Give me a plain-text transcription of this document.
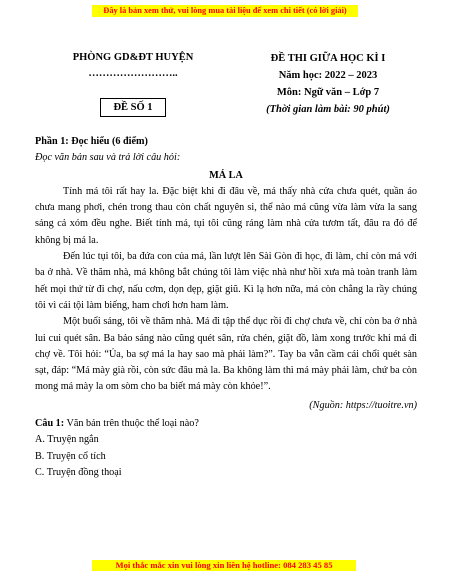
Đây là bản xem thử, vui lòng mua tài liệu để xem chi tiết (có lời giải)
PHÒNG GD&ĐT HUYỆN
……………………..
ĐỀ SỐ 1
ĐỀ THI GIỮA HỌC KÌ I
Năm học: 2022 – 2023
Môn: Ngữ văn – Lớp 7
(Thời gian làm bài: 90 phút)

Phần 1: Đọc hiểu (6 điểm)

Đọc văn bản sau và trả lời câu hỏi:

MÁ LA

Tính má tôi rất hay la. Đặc biệt khi đi đâu về, má thấy nhà cửa chưa quét, quần áo chưa mang phơi, chén trong thau còn chất nguyên si, thể nào má cũng vừa làm vừa la sang sảng cả xóm đều nghe. Biết tính má, tụi tôi cũng ráng làm nhà cửa tươm tất, đâu ra đó để không bị má la.

Đến lúc tụi tôi, ba đứa con của má, lần lượt lên Sài Gòn đi học, đi làm, chỉ còn má với ba ở nhà. Về thăm nhà, má không bắt chúng tôi làm việc nhà như hồi xưa mà toàn tranh làm hết mọi thứ từ đi chợ, nấu cơm, dọn dẹp, giặt giũ. Kì lạ hơn nữa, má còn chẳng la rầy chúng tôi vì cái tội làm biếng, ham chơi hơn ham làm.

Một buổi sáng, tôi về thăm nhà. Má đi tập thể dục rồi đi chợ chưa về, chỉ còn ba ở nhà lui cui quét sân. Ba bảo sáng nào cũng quét sân, rửa chén, giặt đồ, làm xong trước khi má đi chợ về. Tôi hỏi: “Ủa, ba sợ má la hay sao mà phải làm?”. Tay ba vẫn cầm cái chổi quét sàn sạt, đáp: “Má mày già rồi, còn sức đâu mà la. Ba không làm thì má mày phải làm, chứ ba còn mong má mày la om sòm cho ba biết má mày còn khỏe!”.

(Nguồn: https://tuoitre.vn)

Câu 1: Văn bản trên thuộc thể loại nào?

A. Truyện ngắn

B. Truyện cổ tích

C. Truyện đồng thoại

Mọi thắc mắc xin vui lòng xin liên hệ hotline: 084 283 45 85
